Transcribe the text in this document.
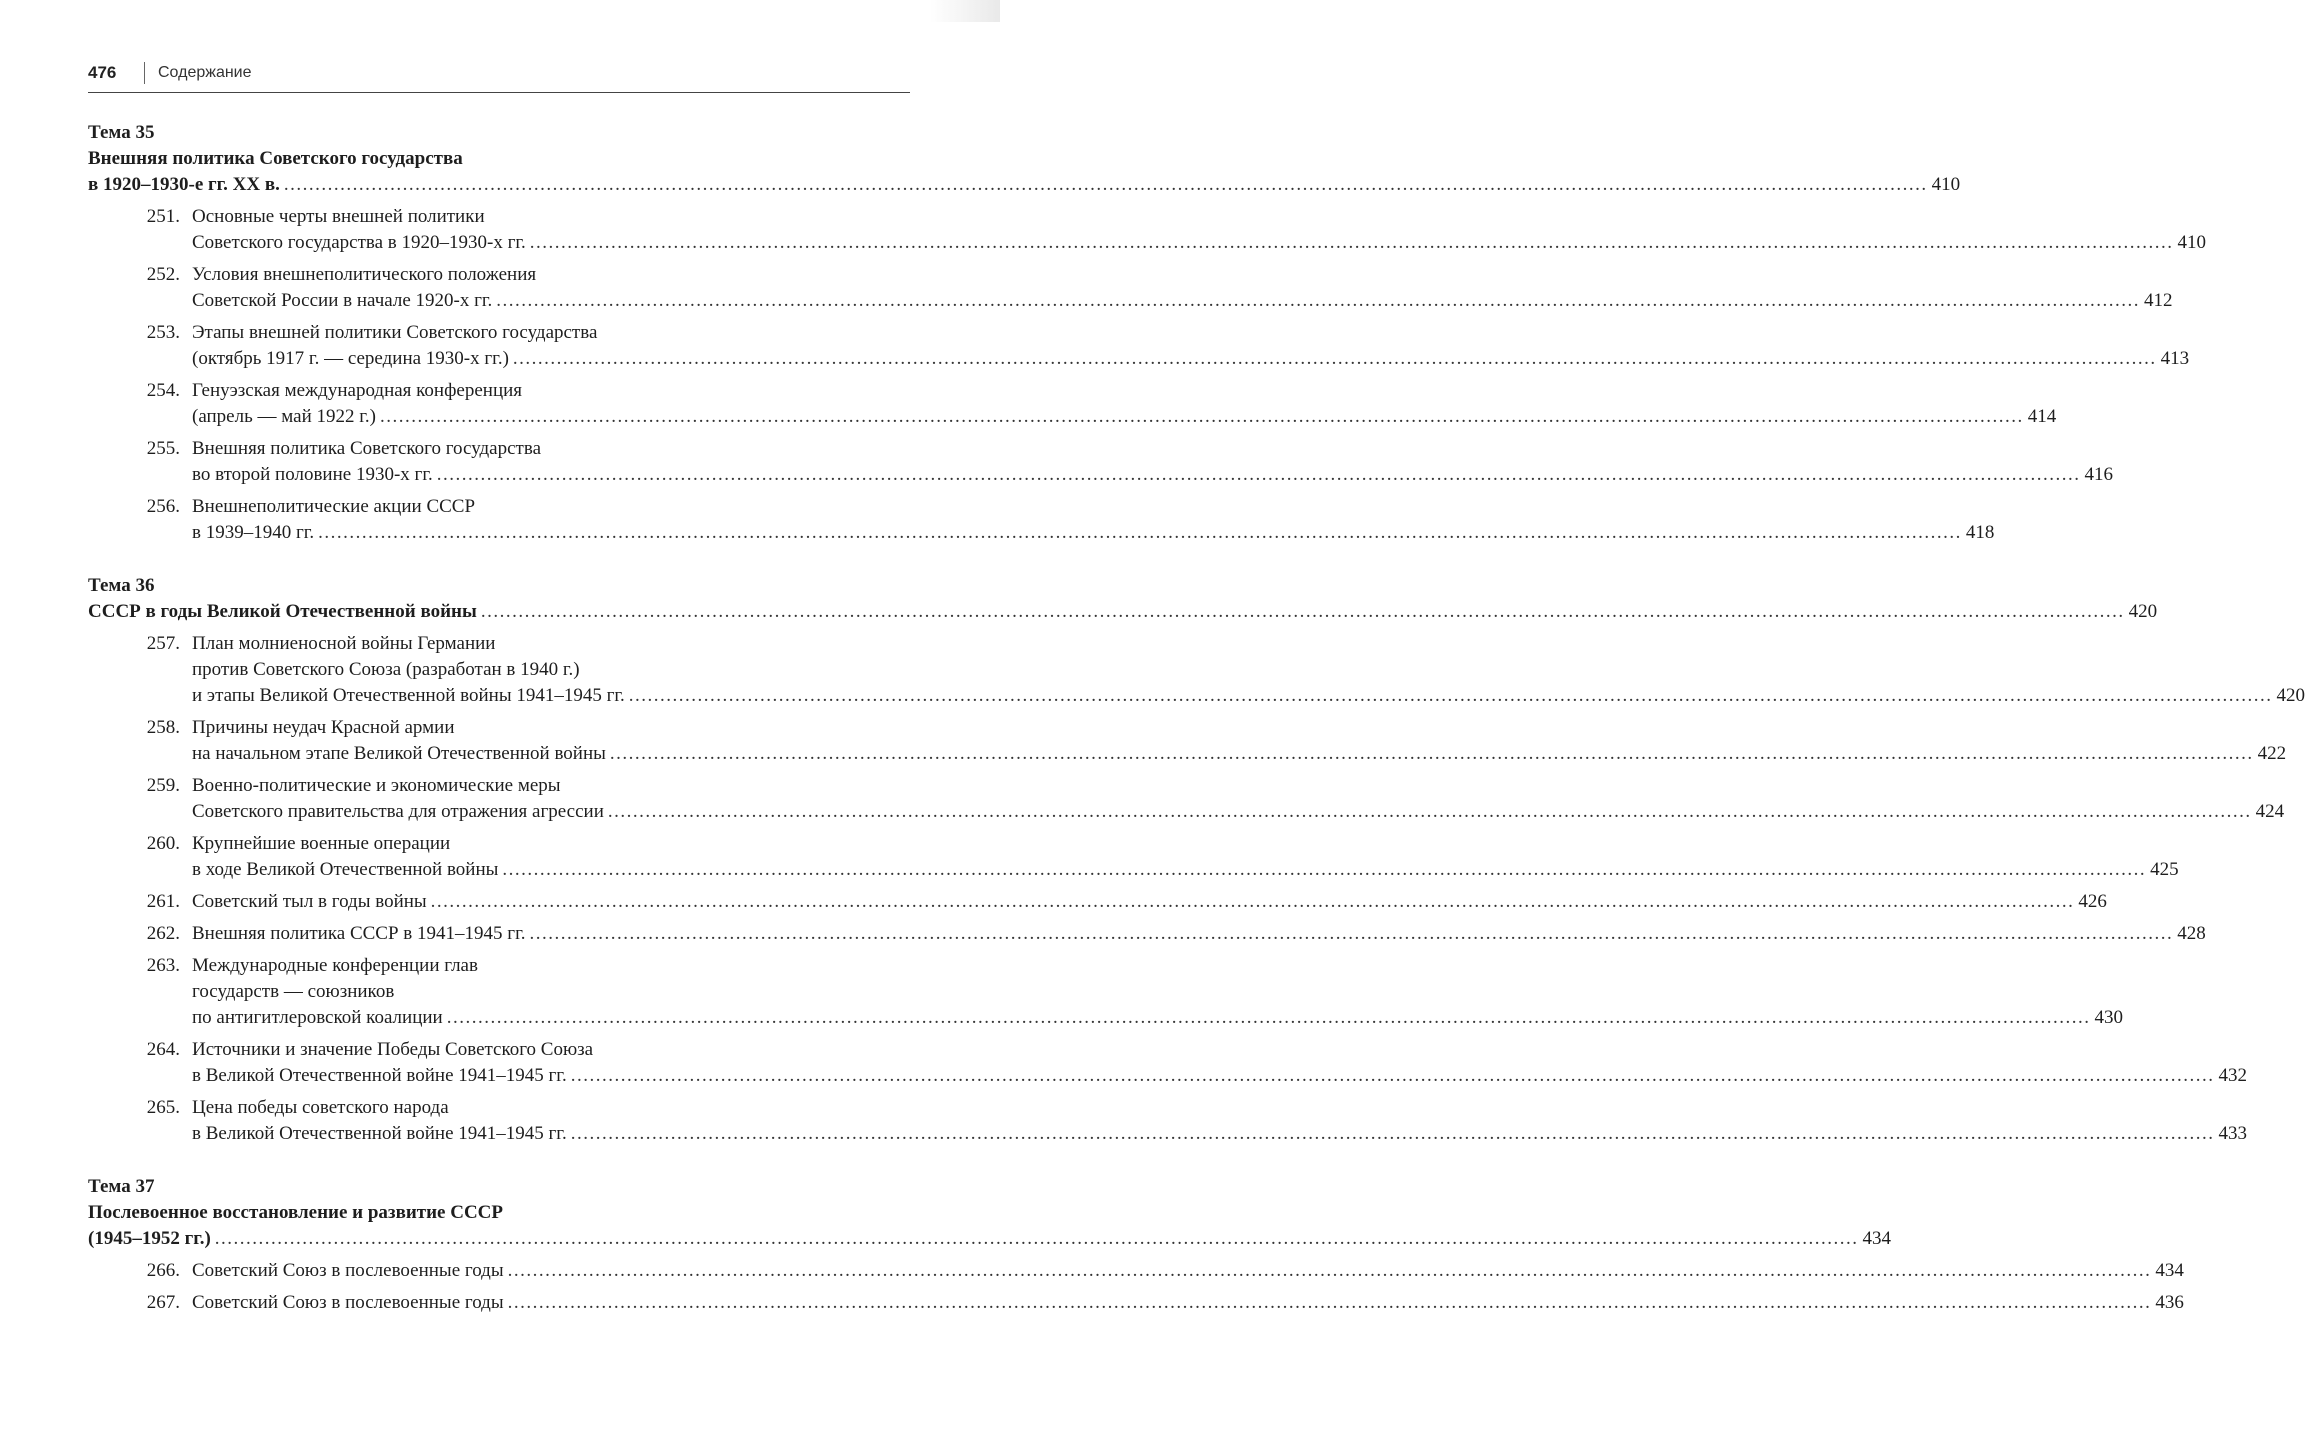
476	Содержание
Тема 35
Внешняя политика Советского государства
в 1920–1930-е гг. XX в. .....	410
251. Основные черты внешней политики
Советского государства в 1920–1930-х гг. .....	410
252. Условия внешнеполитического положения
Советской России в начале 1920-х гг. .....	412
253. Этапы внешней политики Советского государства
(октябрь 1917 г. — середина 1930-х гг.) .....	413
254. Генуэзская международная конференция
(апрель — май 1922 г.) .....	414
255. Внешняя политика Советского государства
во второй половине 1930-х гг. .....	416
256. Внешнеполитические акции СССР
в 1939–1940 гг. .....	418
Тема 36
СССР в годы Великой Отечественной войны .....	420
257. План молниеносной войны Германии
против Советского Союза (разработан в 1940 г.)
и этапы Великой Отечественной войны 1941–1945 гг. .....	420
258. Причины неудач Красной армии
на начальном этапе Великой Отечественной войны .....	422
259. Военно-политические и экономические меры
Советского правительства для отражения агрессии .....	424
260. Крупнейшие военные операции
в ходе Великой Отечественной войны .....	425
261. Советский тыл в годы войны .....	426
262. Внешняя политика СССР в 1941–1945 гг. .....	428
263. Международные конференции глав
государств — союзников
по антигитлеровской коалиции .....	430
264. Источники и значение Победы Советского Союза
в Великой Отечественной войне 1941–1945 гг. .....	432
265. Цена победы советского народа
в Великой Отечественной войне 1941–1945 гг. .....	433
Тема 37
Послевоенное восстановление и развитие СССР
(1945–1952 гг.) .....	434
266. Советский Союз в послевоенные годы .....	434
267. Советский Союз в послевоенные годы .....	436
